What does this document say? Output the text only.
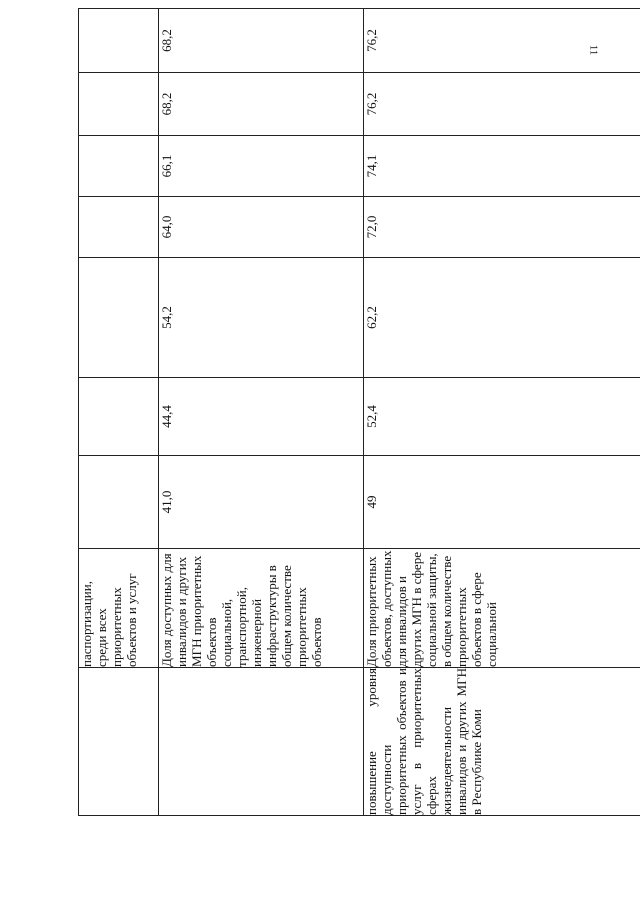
11

	паспортизации, среди всех приоритетных объектов и услуг							

	Доля доступных для инвалидов и других МГН приоритетных объектов социальной, транспортной, инженерной инфраструктуры в общем количестве приоритетных объектов	41,0	44,4	54,2	64,0	66,1	68,2	68,2

повышение уровня доступности приоритетных объектов и услуг в приоритетных сферах жизнедеятельности инвалидов и других МГН в Республике Коми	Доля приоритетных объектов, доступных для инвалидов и других МГН в сфере социальной защиты, в общем количестве приоритетных объектов в сфере социальной	49	52,4	62,2	72,0	74,1	76,2	76,2
